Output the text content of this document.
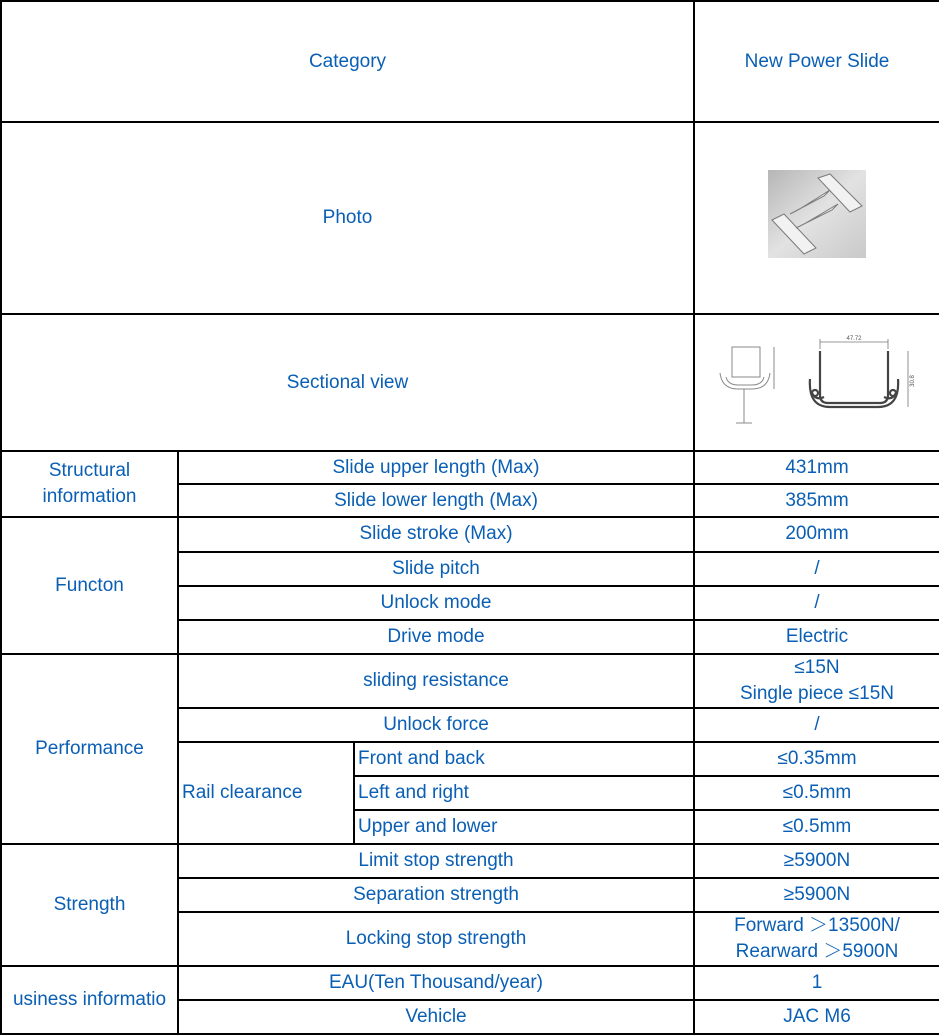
Category			New Power Slide
Photo	

Sectional view			47.72
30.8

Structural information	Slide upper length (Max)		431mm
	Slide lower length (Max)		385mm
Functon	Slide stroke (Max)		200mm
	Slide pitch		/
	Unlock mode		/
	Drive mode		Electric
Performance	sliding resistance		≤15N
Single piece ≤15N

	Unlock force		/
	Rail clearance	Front and back	≤0.35mm
		Left and right	≤0.5mm
		Upper and lower	≤0.5mm
Strength	Limit stop strength		≥5900N
	Separation strength		≥5900N
	Locking stop strength		Forward ＞13500N/
Rearward ＞5900N

usiness informatio	EAU(Ten Thousand/year)		1
	Vehicle		JAC M6
